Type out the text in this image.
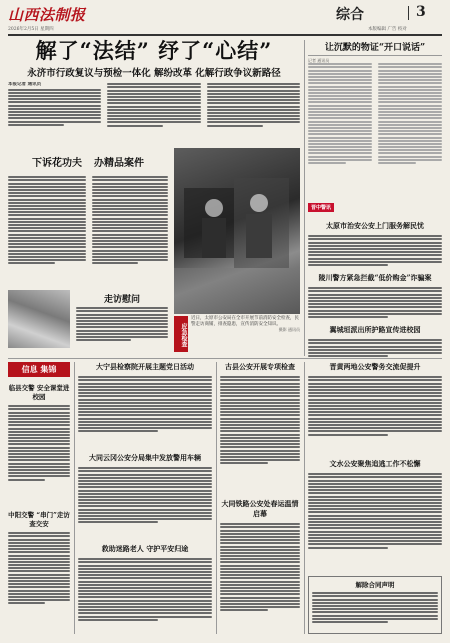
山西法制报
2026年2月5日 星期四
综合	3
本版编辑 广告 校对
解了“法结” 纾了“心结”
永济市行政复议与预检一体化 解纷改革 化解行政争议新路径
本报记者 通讯员
下诉花功夫 办精品案件
应急检查
近日，太原市公安局在全市开展节前消防安全检查，民警走访商铺，排查隐患，宣传消防安全知识。
摄影 通讯员
走访慰问
让沉默的物证“开口说话”
记者 通讯员
晋中警讯
太原市治安公安上门服务解民忧
陵川警方紧急拦截“低价购金”诈骗案
翼城垣派出所护路宣传进校园
信息 集锦
临县交警 安全课堂进校园
中阳交警 “串门”走访查交安
大宁县检察院开展主题党日活动
大同云冈公安分局集中发放警用车辆
救助迷路老人 守护平安归途
古县公安开展专项检查
大同铁路公安处春运温情启幕
晋黄两地公安警务交流促提升
文水公安聚焦追逃工作不松懈
解除合同声明
